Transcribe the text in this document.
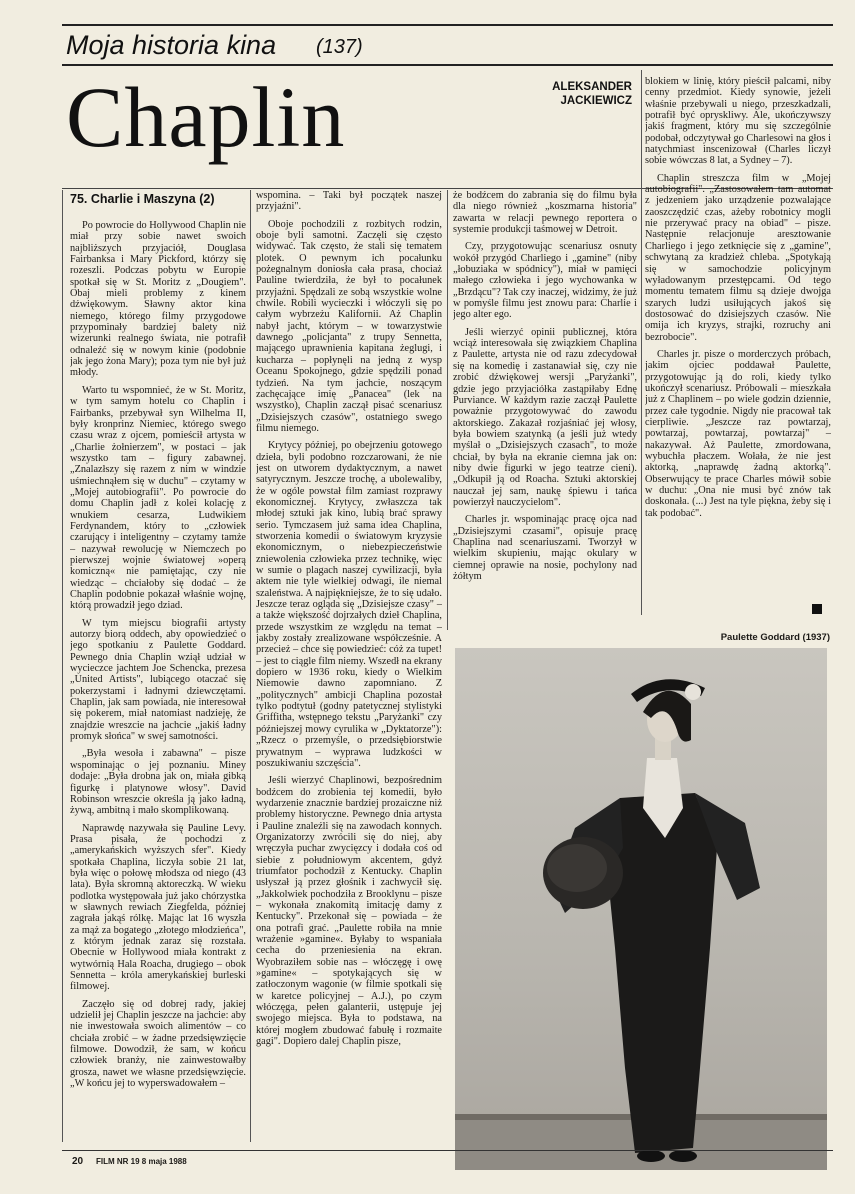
Moja historia kina (137)
Chaplin	ALEKSANDER
JACKIEWICZ
75. Charlie i Maszyna (2)

Po powrocie do Hollywood Chaplin nie miał przy sobie nawet swoich najbliższych przyjaciół, Douglasa Fairbanksa i Mary Pickford, którzy się rozeszli. Podczas pobytu w Europie spotkał się w St. Moritz z „Dougiem". Obaj mieli problemy z kinem dźwiękowym. Sławny aktor kina niemego, którego filmy przygodowe przypominały bardziej balety niż wizerunki realnego świata, nie potrafił odnaleźć się w nowym kinie (podobnie jak jego żona Mary); poza tym nie był już młody.

Warto tu wspomnieć, że w St. Moritz, w tym samym hotelu co Chaplin i Fairbanks, przebywał syn Wilhelma II, były kronprinz Niemiec, którego swego czasu wraz z ojcem, pomieścił artysta w „Charlie żołnierzem", w postaci – jak wszystko tam – figury zabawnej. „Znalazłszy się razem z nim w windzie uśmiechnąłem się w duchu" – czytamy w „Mojej autobiografii". Po powrocie do domu Chaplin jadł z kolei kolację z wnukiem cesarza, Ludwikiem Ferdynandem, który to „człowiek czarujący i inteligentny – czytamy tamże – nazywał rewolucję w Niemczech po pierwszej wojnie światowej »operą komiczną« nie pamiętając, czy nie wiedząc – chciałoby się dodać – że Chaplin podobnie pokazał właśnie wojnę, którą prowadził jego dziad.

W tym miejscu biografii artysty autorzy biorą oddech, aby opowiedzieć o jego spotkaniu z Paulette Goddard. Pewnego dnia Chaplin wziął udział w wycieczce jachtem Joe Schencka, prezesa „United Artists", lubiącego otaczać się pokerzystami i ładnymi dziewczętami. Chaplin, jak sam powiada, nie interesował się pokerem, miał natomiast nadzieję, że znajdzie wreszcie na jachcie „jakiś ładny promyk słońca" w swej samotności.

„Była wesoła i zabawna" – pisze wspominając o jej poznaniu. Miney dodaje: „Była drobna jak on, miała gibką figurkę i platynowe włosy". David Robinson wreszcie określa ją jako ładną, żywą, ambitną i mało skomplikowaną.

Naprawdę nazywała się Pauline Levy. Prasa pisała, że pochodzi z „amerykańskich wyższych sfer". Kiedy spotkała Chaplina, liczyła sobie 21 lat, była więc o połowę młodsza od niego (43 lata). Była skromną aktoreczką. W wieku podlotka występowała już jako chórzystka w sławnych rewiach Ziegfelda, później zagrała jakąś rólkę. Mając lat 16 wyszła za mąż za bogatego „złotego młodzieńca", z którym jednak zaraz się rozstała. Obecnie w Hollywood miała kontrakt z wytwórnią Hala Roacha, drugiego – obok Sennetta – króla amerykańskiej burleski filmowej.

Zaczęło się od dobrej rady, jakiej udzielił jej Chaplin jeszcze na jachcie: aby nie inwestowała swoich alimentów – co chciała zrobić – w żadne przedsięwzięcie filmowe. Dowodził, że sam, w końcu człowiek branży, nie zainwestowałby grosza, nawet we własne przedsięwzięcie. „W końcu jej to wyperswadowałem –

wspomina. – Taki był początek naszej przyjaźni".

Oboje pochodzili z rozbitych rodzin, oboje byli samotni. Zaczęli się często widywać. Tak często, że stali się tematem plotek. O pewnym ich pocałunku pożegnalnym doniosła cała prasa, chociaż Pauline twierdziła, że był to pocałunek przyjaźni. Spędzali ze sobą wszystkie wolne chwile. Robili wycieczki i włóczyli się po całym wybrzeżu Kalifornii. Aż Chaplin nabył jacht, którym – w towarzystwie dawnego „policjanta" z trupy Sennetta, mającego uprawnienia kapitana żeglugi, i kucharza – popłynęli na jedną z wysp Oceanu Spokojnego, gdzie spędzili ponad tydzień. Na tym jachcie, noszącym zachęcające imię „Panacea" (lek na wszystko), Chaplin zaczął pisać scenariusz „Dzisiejszych czasów", ostatniego swego filmu niemego.

Krytycy później, po obejrzeniu gotowego dzieła, byli podobno rozczarowani, że nie jest on utworem dydaktycznym, a nawet satyrycznym. Jeszcze trochę, a ubolewaliby, że w ogóle powstał film zamiast rozprawy ekonomicznej. Krytycy, zwłaszcza tak młodej sztuki jak kino, lubią brać sprawy serio. Tymczasem już sama idea Chaplina, stworzenia komedii o światowym kryzysie ekonomicznym, o niebezpieczeństwie zniewolenia człowieka przez technikę, więc w sumie o plagach naszej cywilizacji, była aktem nie tyle wielkiej odwagi, ile niemal szaleństwa. A najpiękniejsze, że to się udało. Jeszcze teraz ogląda się „Dzisiejsze czasy" – a także większość dojrzałych dzieł Chaplina, przede wszystkim ze względu na temat – jakby zostały zrealizowane współcześnie. A przecież – chce się powiedzieć: cóż za tupet! – jest to ciągle film niemy. Wszedł na ekrany dopiero w 1936 roku, kiedy o Wielkim Niemowie dawno zapomniano. Z „politycznych" ambicji Chaplina pozostał tylko podtytuł (godny patetycznej stylistyki Griffitha, wstępnego tekstu „Paryżanki" czy późniejszej mowy cyrulika w „Dyktatorze"): „Rzecz o przemyśle, o przedsiębiorstwie prywatnym – wyprawa ludzkości w poszukiwaniu szczęścia".

Jeśli wierzyć Chaplinowi, bezpośrednim bodźcem do zrobienia tej komedii, było wydarzenie znacznie bardziej prozaiczne niż problemy historyczne. Pewnego dnia artysta i Pauline znaleźli się na zawodach konnych. Organizatorzy zwrócili się do niej, aby wręczyła puchar zwycięzcy i dodała coś od siebie z południowym akcentem, gdyż triumfator pochodził z Kentucky. Chaplin usłyszał ją przez głośnik i zachwycił się. „Jakkolwiek pochodziła z Brooklynu – pisze – wykonała znakomitą imitację damy z Kentucky". Przekonał się – powiada – że ona potrafi grać. „Paulette robiła na mnie wrażenie »gamine«. Byłaby to wspaniała cecha do przeniesienia na ekran. Wyobraziłem sobie nas – włóczęgę i owę »gamine« – spotykających się w zatłoczonym wagonie (w filmie spotkali się w karetce policyjnej – A.J.), po czym włóczęga, pełen galanterii, ustępuje jej swojego miejsca. Była to podstawa, na której mogłem zbudować fabułę i rozmaite gagi". Dopiero dalej Chaplin pisze,

że bodźcem do zabrania się do filmu była dla niego również „koszmarna historia" zawarta w relacji pewnego reportera o systemie produkcji taśmowej w Detroit.

Czy, przygotowując scenariusz osnuty wokół przygód Charliego i „gamine" (niby „łobuziaka w spódnicy"), miał w pamięci małego człowieka i jego wychowanka w „Brzdącu"? Tak czy inaczej, widzimy, że już w pomyśle filmu jest znowu para: Charlie i jego alter ego.

Jeśli wierzyć opinii publicznej, która wciąż interesowała się związkiem Chaplina z Paulette, artysta nie od razu zdecydował się na komedię i zastanawiał się, czy nie zrobić dźwiękowej wersji „Paryżanki", gdzie jego przyjaciółka zastąpiłaby Ednę Purviance. W każdym razie zaczął Paulette poważnie przygotowywać do zawodu aktorskiego. Zakazał rozjaśniać jej włosy, była bowiem szatynką (a jeśli już wtedy myślał o „Dzisiejszych czasach", to może chciał, by była na ekranie ciemna jak on: niby dwie figurki w jego teatrze cieni). „Odkupił ją od Roacha. Sztuki aktorskiej nauczał jej sam, naukę śpiewu i tańca powierzył nauczycielom".

Charles jr. wspominając pracę ojca nad „Dzisiejszymi czasami", opisuje pracę Chaplina nad scenariuszami. Tworzył w wielkim skupieniu, mając okulary w ciemnej oprawie na nosie, pochylony nad żółtym

blokiem w linię, który pieścił palcami, niby cenny przedmiot. Kiedy synowie, jeżeli właśnie przebywali u niego, przeszkadzali, potrafił być opryskliwy. Ale, ukończywszy jakiś fragment, który mu się szczególnie podobał, odczytywał go Charlesowi na głos i natychmiast inscenizował (Charles liczył sobie wówczas 8 lat, a Sydney – 7).

Chaplin streszcza film w „Mojej autobiografii". „Zastosowałem tam automat z jedzeniem jako urządzenie pozwalające zaoszczędzić czas, ażeby robotnicy mogli nie przerywać pracy na obiad" – pisze. Następnie relacjonuje aresztowanie Charliego i jego zetknięcie się z „gamine", schwytaną za kradzież chleba. „Spotykają się w samochodzie policyjnym wyładowanym przestępcami. Od tego momentu tematem filmu są dzieje dwojga szarych ludzi usiłujących jakoś się dostosować do dzisiejszych czasów. Nie omija ich kryzys, strajki, rozruchy ani bezrobocie".

Charles jr. pisze o morderczych próbach, jakim ojciec poddawał Paulette, przygotowując ją do roli, kiedy tylko ukończył scenariusz. Próbowali – mieszkała już z Chaplinem – po wiele godzin dziennie, przez całe tygodnie. Nigdy nie pracował tak cierpliwie. „Jeszcze raz powtarzaj, powtarzaj, powtarzaj, powtarzaj" – nakazywał. Aż Paulette, zmordowana, wybuchła płaczem. Wołała, że nie jest aktorką, „naprawdę żadną aktorką". Obserwujący te prace Charles mówił sobie w duchu: „Ona nie musi być znów tak doskonała. (...) Jest na tyle piękna, żeby się i tak podobać".

Paulette Goddard (1937)
20 FILM NR 19 8 maja 1988
